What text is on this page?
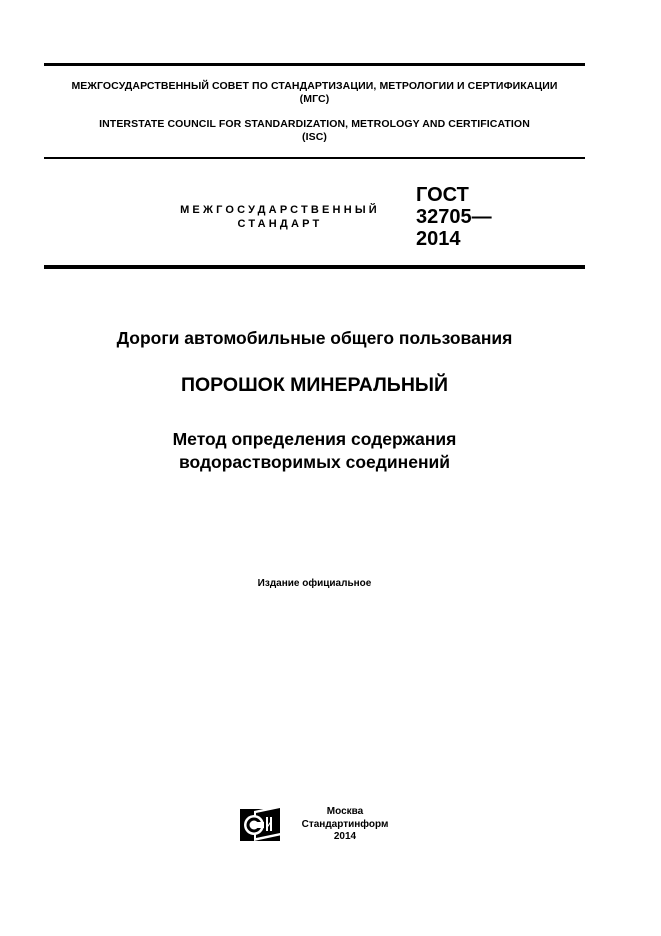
МЕЖГОСУДАРСТВЕННЫЙ СОВЕТ ПО СТАНДАРТИЗАЦИИ, МЕТРОЛОГИИ И СЕРТИФИКАЦИИ
(МГС)
INTERSTATE COUNCIL FOR STANDARDIZATION, METROLOGY AND CERTIFICATION
(ISC)
МЕЖГОСУДАРСТВЕННЫЙ
СТАНДАРТ
ГОСТ
32705—
2014
Дороги автомобильные общего пользования
ПОРОШОК МИНЕРАЛЬНЫЙ
Метод определения содержания
водорастворимых соединений
Издание официальное
Москва
Стандартинформ
2014
